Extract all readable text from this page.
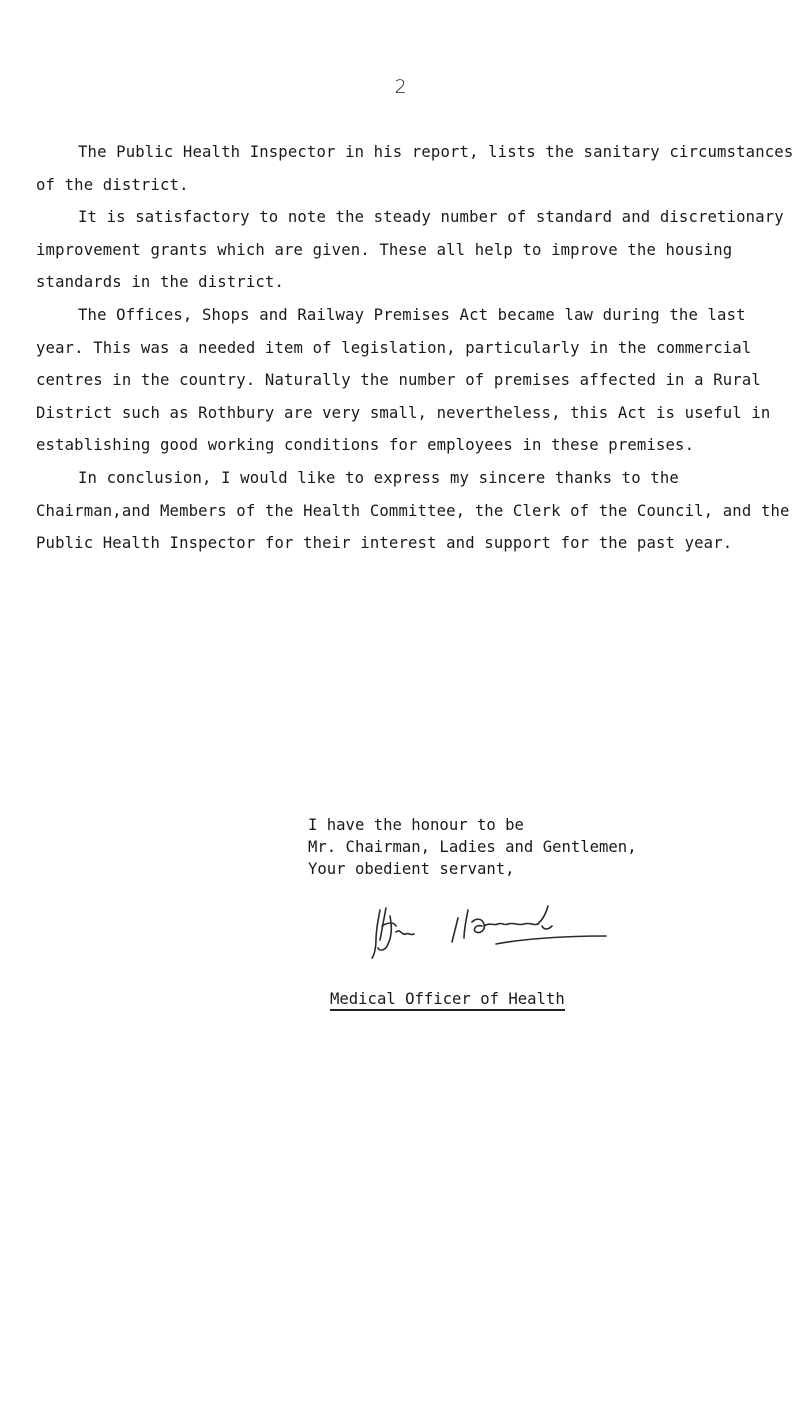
2

The Public Health Inspector in his report, lists the sanitary circumstances of the district.

It is satisfactory to note the steady number of standard and discretionary improvement grants which are given. These all help to improve the housing standards in the district.

The Offices, Shops and Railway Premises Act became law during the last year. This was a needed item of legislation, particularly in the commercial centres in the country. Naturally the number of premises affected in a Rural District such as Rothbury are very small, nevertheless, this Act is useful in establishing good working conditions for employees in these premises.

In conclusion, I would like to express my sincere thanks to the Chairman,and Members of the Health Committee, the Clerk of the Council, and the Public Health Inspector for their interest and support for the past year.

I have the honour to be
Mr. Chairman, Ladies and Gentlemen,
Your obedient servant,
Medical Officer of Health
